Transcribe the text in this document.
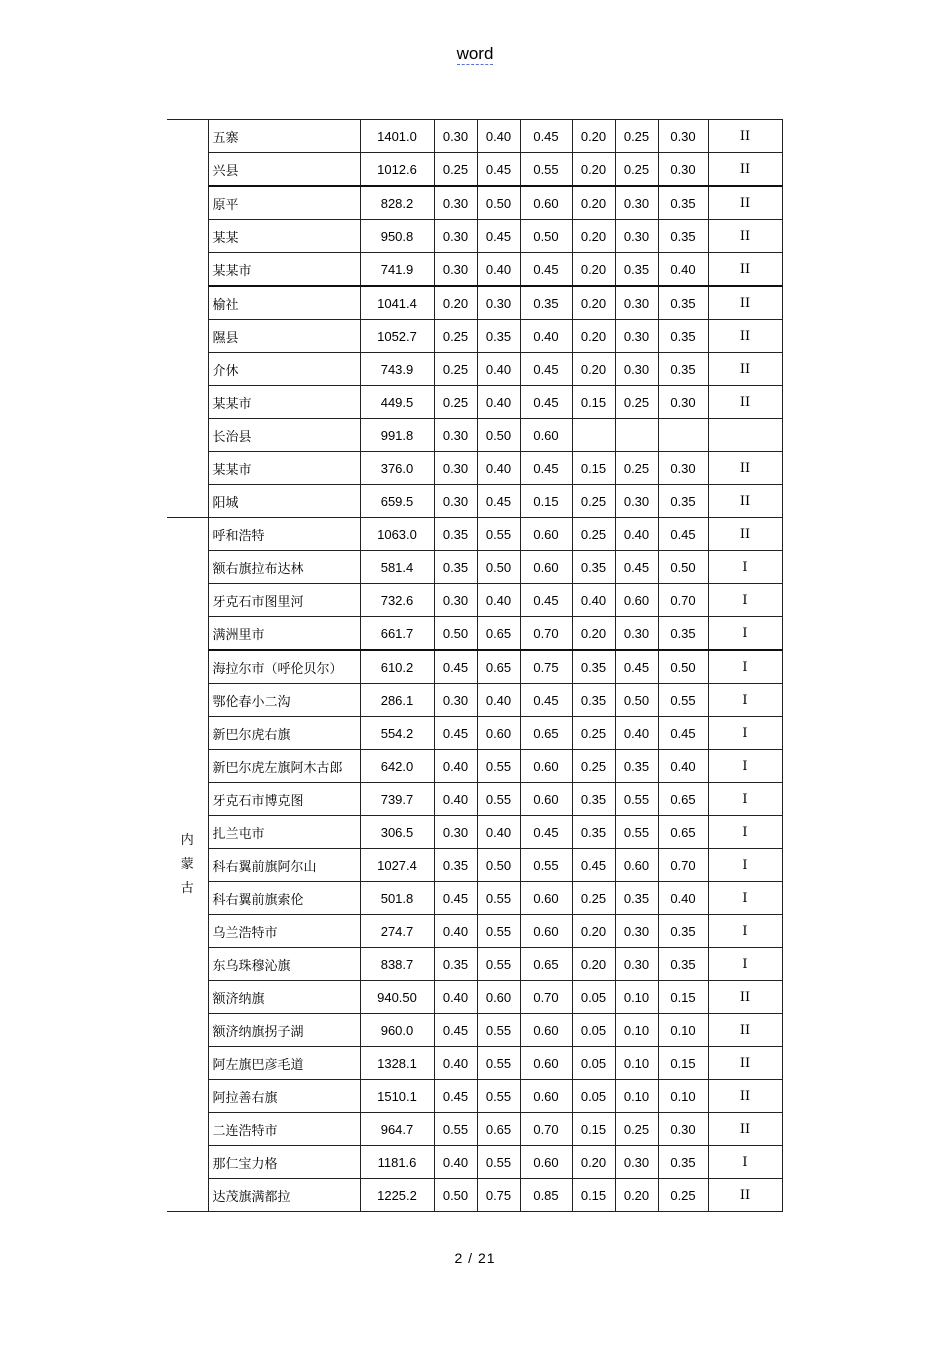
word
	五寨	1401.0	0.30	0.40	0.45	0.20	0.25	0.30	II
	兴县	1012.6	0.25	0.45	0.55	0.20	0.25	0.30	II
	原平	828.2	0.30	0.50	0.60	0.20	0.30	0.35	II
	某某	950.8	0.30	0.45	0.50	0.20	0.30	0.35	II
	某某市	741.9	0.30	0.40	0.45	0.20	0.35	0.40	II
	榆社	1041.4	0.20	0.30	0.35	0.20	0.30	0.35	II
	隰县	1052.7	0.25	0.35	0.40	0.20	0.30	0.35	II
	介休	743.9	0.25	0.40	0.45	0.20	0.30	0.35	II
	某某市	449.5	0.25	0.40	0.45	0.15	0.25	0.30	II
	长治县	991.8	0.30	0.50	0.60				
	某某市	376.0	0.30	0.40	0.45	0.15	0.25	0.30	II
	阳城	659.5	0.30	0.45	0.15	0.25	0.30	0.35	II

内
蒙
古	呼和浩特	1063.0	0.35	0.55	0.60	0.25	0.40	0.45	II
	额右旗拉布达林	581.4	0.35	0.50	0.60	0.35	0.45	0.50	I
	牙克石市图里河	732.6	0.30	0.40	0.45	0.40	0.60	0.70	I
	满洲里市	661.7	0.50	0.65	0.70	0.20	0.30	0.35	I
	海拉尔市（呼伦贝尔）	610.2	0.45	0.65	0.75	0.35	0.45	0.50	I
	鄂伦春小二沟	286.1	0.30	0.40	0.45	0.35	0.50	0.55	I
	新巴尔虎右旗	554.2	0.45	0.60	0.65	0.25	0.40	0.45	I
	新巴尔虎左旗阿木古郎	642.0	0.40	0.55	0.60	0.25	0.35	0.40	I
	牙克石市博克图	739.7	0.40	0.55	0.60	0.35	0.55	0.65	I
	扎兰屯市	306.5	0.30	0.40	0.45	0.35	0.55	0.65	I
	科右翼前旗阿尔山	1027.4	0.35	0.50	0.55	0.45	0.60	0.70	I
	科右翼前旗索伦	501.8	0.45	0.55	0.60	0.25	0.35	0.40	I
	乌兰浩特市	274.7	0.40	0.55	0.60	0.20	0.30	0.35	I
	东乌珠穆沁旗	838.7	0.35	0.55	0.65	0.20	0.30	0.35	I
	额济纳旗	940.50	0.40	0.60	0.70	0.05	0.10	0.15	II
	额济纳旗拐子湖	960.0	0.45	0.55	0.60	0.05	0.10	0.10	II
	阿左旗巴彦毛道	1328.1	0.40	0.55	0.60	0.05	0.10	0.15	II
	阿拉善右旗	1510.1	0.45	0.55	0.60	0.05	0.10	0.10	II
	二连浩特市	964.7	0.55	0.65	0.70	0.15	0.25	0.30	II
	那仁宝力格	1181.6	0.40	0.55	0.60	0.20	0.30	0.35	I
	达茂旗满都拉	1225.2	0.50	0.75	0.85	0.15	0.20	0.25	II
2 / 21
